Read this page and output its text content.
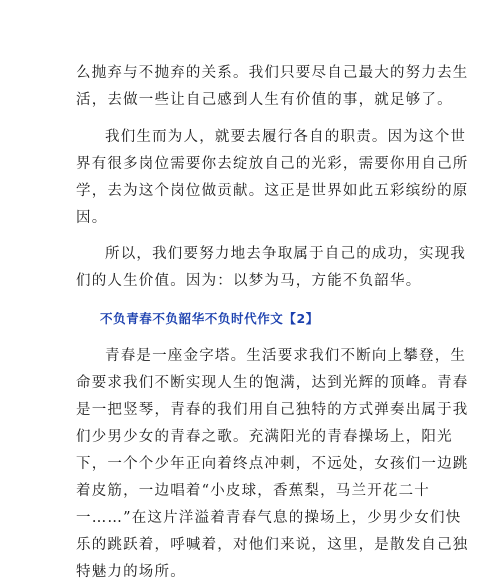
么抛弃与不抛弃的关系。我们只要尽自己最大的努力去生
活，去做一些让自己感到人生有价值的事，就足够了。

我们生而为人，就要去履行各自的职责。因为这个世
界有很多岗位需要你去绽放自己的光彩，需要你用自己所
学，去为这个岗位做贡献。这正是世界如此五彩缤纷的原
因。

所以，我们要努力地去争取属于自己的成功，实现我
们的人生价值。因为：以梦为马，方能不负韶华。

不负青春不负韶华不负时代作文【2】

青春是一座金字塔。生活要求我们不断向上攀登，生
命要求我们不断实现人生的饱满，达到光辉的顶峰。青春
是一把竖琴，青春的我们用自己独特的方式弹奏出属于我
们少男少女的青春之歌。充满阳光的青春操场上，阳光
下，一个个少年正向着终点冲刺，不远处，女孩们一边跳
着皮筋，一边唱着“小皮球，香蕉梨，马兰开花二十
一……”在这片洋溢着青春气息的操场上，少男少女们快
乐的跳跃着，呼喊着，对他们来说，这里，是散发自己独
特魅力的场所。
